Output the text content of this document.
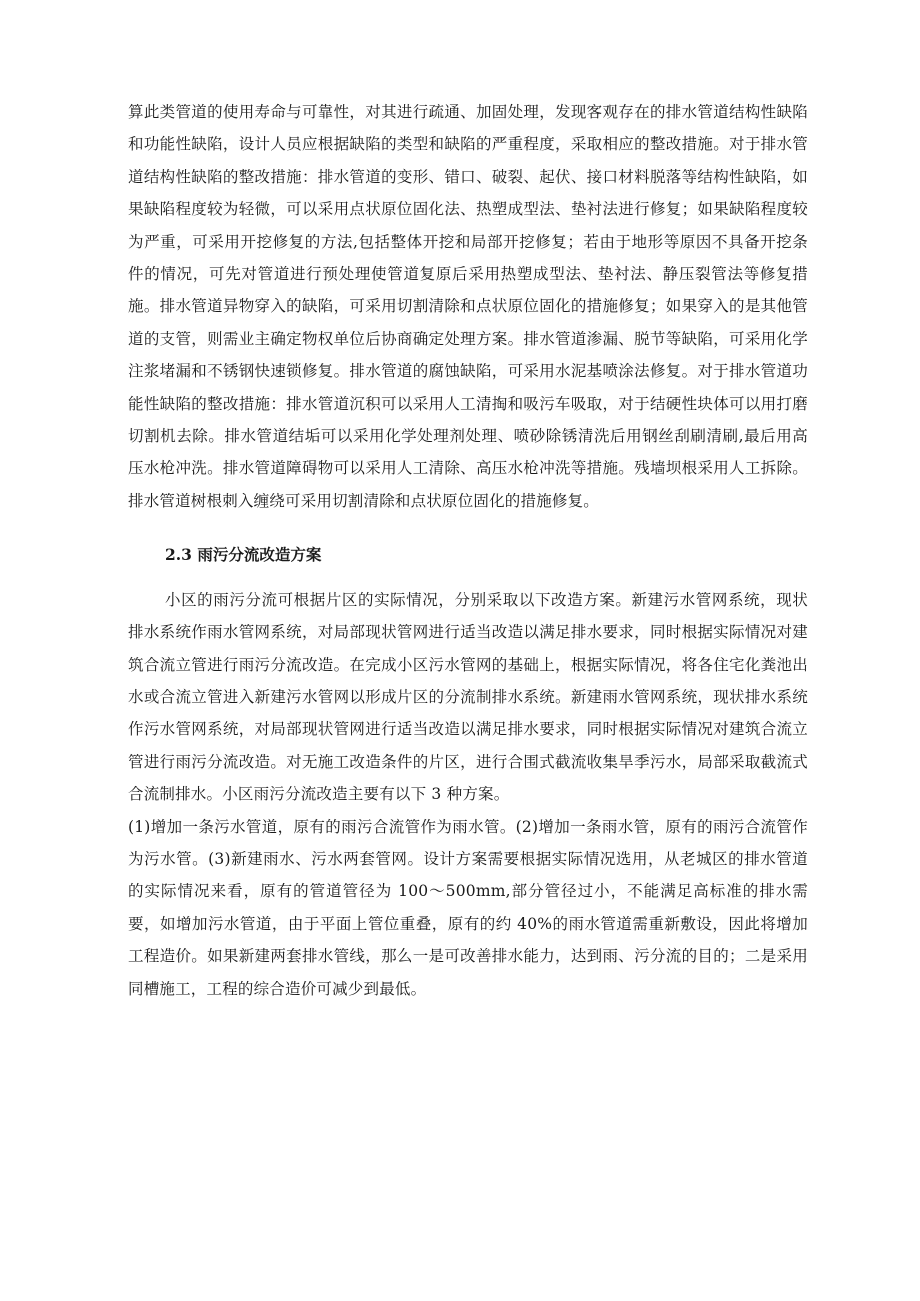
算此类管道的使用寿命与可靠性，对其进行疏通、加固处理，发现客观存在的排水管道结构性缺陷和功能性缺陷，设计人员应根据缺陷的类型和缺陷的严重程度，采取相应的整改措施。对于排水管道结构性缺陷的整改措施：排水管道的变形、错口、破裂、起伏、接口材料脱落等结构性缺陷，如果缺陷程度较为轻微，可以采用点状原位固化法、热塑成型法、垫衬法进行修复；如果缺陷程度较为严重，可采用开挖修复的方法,包括整体开挖和局部开挖修复；若由于地形等原因不具备开挖条件的情况，可先对管道进行预处理使管道复原后采用热塑成型法、垫衬法、静压裂管法等修复措施。排水管道异物穿入的缺陷，可采用切割清除和点状原位固化的措施修复；如果穿入的是其他管道的支管，则需业主确定物权单位后协商确定处理方案。排水管道渗漏、脱节等缺陷，可采用化学注浆堵漏和不锈钢快速锁修复。排水管道的腐蚀缺陷，可采用水泥基喷涂法修复。对于排水管道功能性缺陷的整改措施：排水管道沉积可以采用人工清掏和吸污车吸取，对于结硬性块体可以用打磨切割机去除。排水管道结垢可以采用化学处理剂处理、喷砂除锈清洗后用钢丝刮刷清刷,最后用高压水枪冲洗。排水管道障碍物可以采用人工清除、高压水枪冲洗等措施。残墙坝根采用人工拆除。排水管道树根刺入缠绕可采用切割清除和点状原位固化的措施修复。

2.3 雨污分流改造方案

小区的雨污分流可根据片区的实际情况，分别采取以下改造方案。新建污水管网系统，现状排水系统作雨水管网系统，对局部现状管网进行适当改造以满足排水要求，同时根据实际情况对建筑合流立管进行雨污分流改造。在完成小区污水管网的基础上，根据实际情况，将各住宅化粪池出水或合流立管进入新建污水管网以形成片区的分流制排水系统。新建雨水管网系统，现状排水系统作污水管网系统，对局部现状管网进行适当改造以满足排水要求，同时根据实际情况对建筑合流立管进行雨污分流改造。对无施工改造条件的片区，进行合围式截流收集旱季污水，局部采取截流式合流制排水。小区雨污分流改造主要有以下 3 种方案。

(1)增加一条污水管道，原有的雨污合流管作为雨水管。(2)增加一条雨水管，原有的雨污合流管作为污水管。(3)新建雨水、污水两套管网。设计方案需要根据实际情况选用，从老城区的排水管道的实际情况来看，原有的管道管径为 100～500mm,部分管径过小，不能满足高标准的排水需要，如增加污水管道，由于平面上管位重叠，原有的约 40%的雨水管道需重新敷设，因此将增加工程造价。如果新建两套排水管线，那么一是可改善排水能力，达到雨、污分流的目的；二是采用同槽施工，工程的综合造价可减少到最低。
